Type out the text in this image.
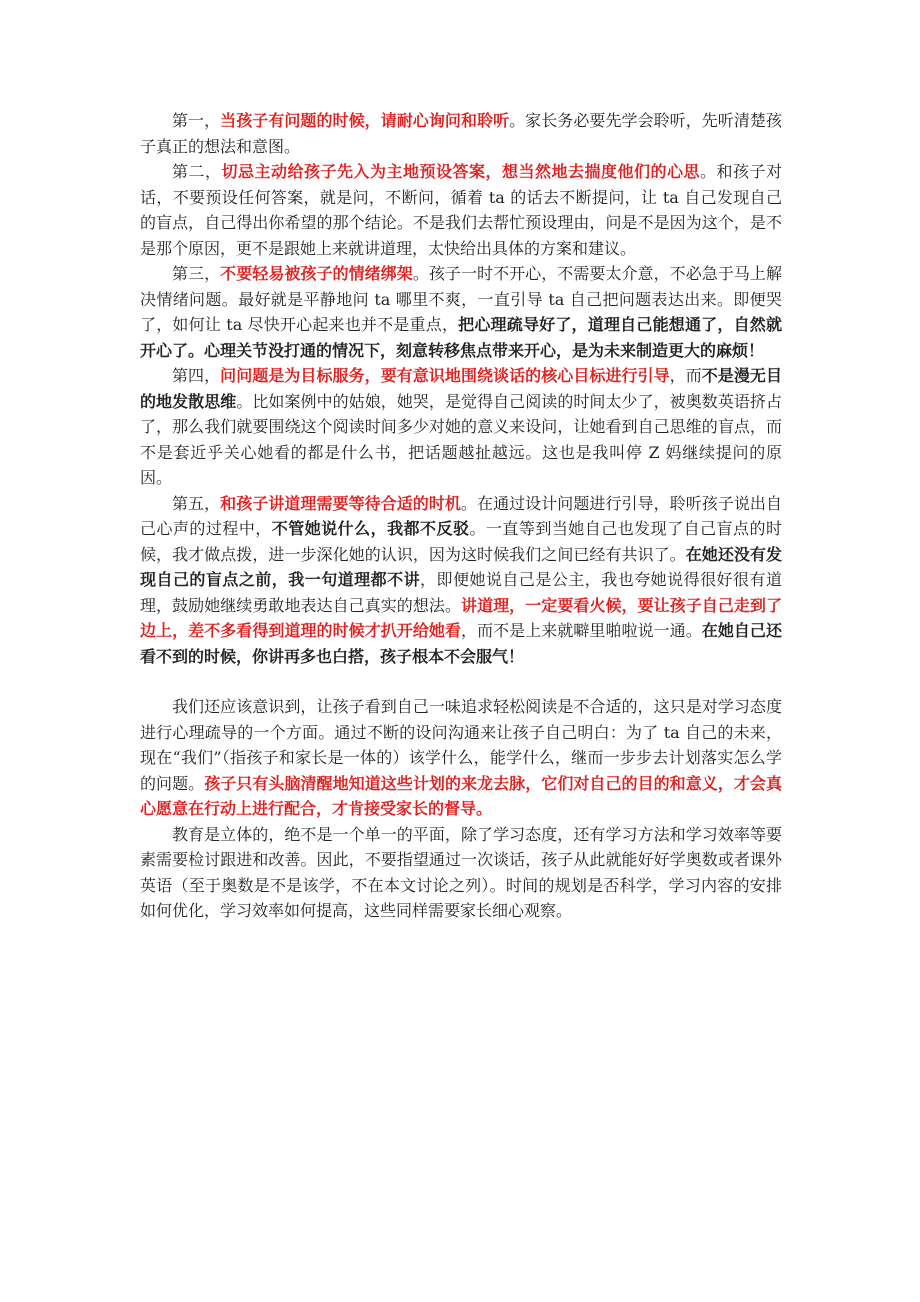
第一，当孩子有问题的时候，请耐心询问和聆听。家长务必要先学会聆听，先听清楚孩子真正的想法和意图。

第二，切忌主动给孩子先入为主地预设答案，想当然地去揣度他们的心思。和孩子对话，不要预设任何答案，就是问，不断问，循着 ta 的话去不断提问，让 ta 自己发现自己的盲点，自己得出你希望的那个结论。不是我们去帮忙预设理由，问是不是因为这个，是不是那个原因，更不是跟她上来就讲道理，太快给出具体的方案和建议。

第三，不要轻易被孩子的情绪绑架。孩子一时不开心，不需要太介意，不必急于马上解决情绪问题。最好就是平静地问 ta 哪里不爽，一直引导 ta 自己把问题表达出来。即便哭了，如何让 ta 尽快开心起来也并不是重点，把心理疏导好了，道理自己能想通了，自然就开心了。心理关节没打通的情况下，刻意转移焦点带来开心，是为未来制造更大的麻烦！

第四，问问题是为目标服务，要有意识地围绕谈话的核心目标进行引导，而不是漫无目的地发散思维。比如案例中的姑娘，她哭，是觉得自己阅读的时间太少了，被奥数英语挤占了，那么我们就要围绕这个阅读时间多少对她的意义来设问，让她看到自己思维的盲点，而不是套近乎关心她看的都是什么书，把话题越扯越远。这也是我叫停 Z 妈继续提问的原因。

第五，和孩子讲道理需要等待合适的时机。在通过设计问题进行引导，聆听孩子说出自己心声的过程中，不管她说什么，我都不反驳。一直等到当她自己也发现了自己盲点的时候，我才做点拨，进一步深化她的认识，因为这时候我们之间已经有共识了。在她还没有发现自己的盲点之前，我一句道理都不讲，即便她说自己是公主，我也夸她说得很好很有道理，鼓励她继续勇敢地表达自己真实的想法。讲道理，一定要看火候，要让孩子自己走到了边上，差不多看得到道理的时候才扒开给她看，而不是上来就噼里啪啦说一通。在她自己还看不到的时候，你讲再多也白搭，孩子根本不会服气！

我们还应该意识到，让孩子看到自己一味追求轻松阅读是不合适的，这只是对学习态度进行心理疏导的一个方面。通过不断的设问沟通来让孩子自己明白：为了 ta 自己的未来，现在“我们”（指孩子和家长是一体的）该学什么，能学什么，继而一步步去计划落实怎么学的问题。孩子只有头脑清醒地知道这些计划的来龙去脉，它们对自己的目的和意义，才会真心愿意在行动上进行配合，才肯接受家长的督导。

教育是立体的，绝不是一个单一的平面，除了学习态度，还有学习方法和学习效率等要素需要检讨跟进和改善。因此，不要指望通过一次谈话，孩子从此就能好好学奥数或者课外英语（至于奥数是不是该学，不在本文讨论之列）。时间的规划是否科学，学习内容的安排如何优化，学习效率如何提高，这些同样需要家长细心观察。
